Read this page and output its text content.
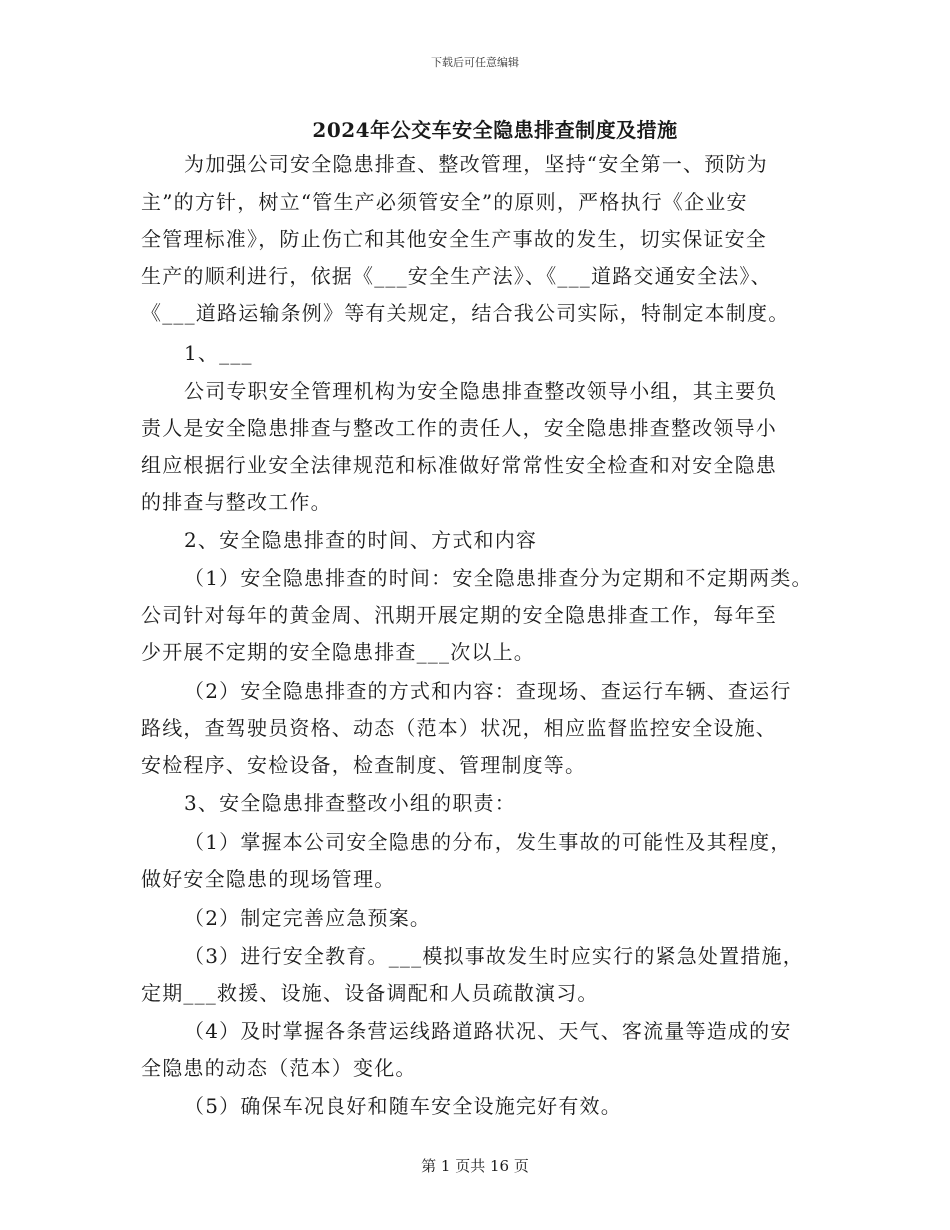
下载后可任意编辑
2024年公交车安全隐患排查制度及措施
为加强公司安全隐患排查、整改管理，坚持“安全第一、预防为
主”的方针，树立“管生产必须管安全”的原则，严格执行《企业安
全管理标准》，防止伤亡和其他安全生产事故的发生，切实保证安全
生产的顺利进行，依据《___安全生产法》、《___道路交通安全法》、
《___道路运输条例》等有关规定，结合我公司实际，特制定本制度。
1、___
公司专职安全管理机构为安全隐患排查整改领导小组，其主要负
责人是安全隐患排查与整改工作的责任人，安全隐患排查整改领导小
组应根据行业安全法律规范和标准做好常常性安全检查和对安全隐患
的排查与整改工作。
2、安全隐患排查的时间、方式和内容
（1）安全隐患排查的时间：安全隐患排查分为定期和不定期两类。
公司针对每年的黄金周、汛期开展定期的安全隐患排查工作，每年至
少开展不定期的安全隐患排查___次以上。
（2）安全隐患排查的方式和内容：查现场、查运行车辆、查运行
路线，查驾驶员资格、动态（范本）状况，相应监督监控安全设施、
安检程序、安检设备，检查制度、管理制度等。
3、安全隐患排查整改小组的职责：
（1）掌握本公司安全隐患的分布，发生事故的可能性及其程度，
做好安全隐患的现场管理。
（2）制定完善应急预案。
（3）进行安全教育。___模拟事故发生时应实行的紧急处置措施，
定期___救援、设施、设备调配和人员疏散演习。
（4）及时掌握各条营运线路道路状况、天气、客流量等造成的安
全隐患的动态（范本）变化。
（5）确保车况良好和随车安全设施完好有效。
第 1 页共 16 页
